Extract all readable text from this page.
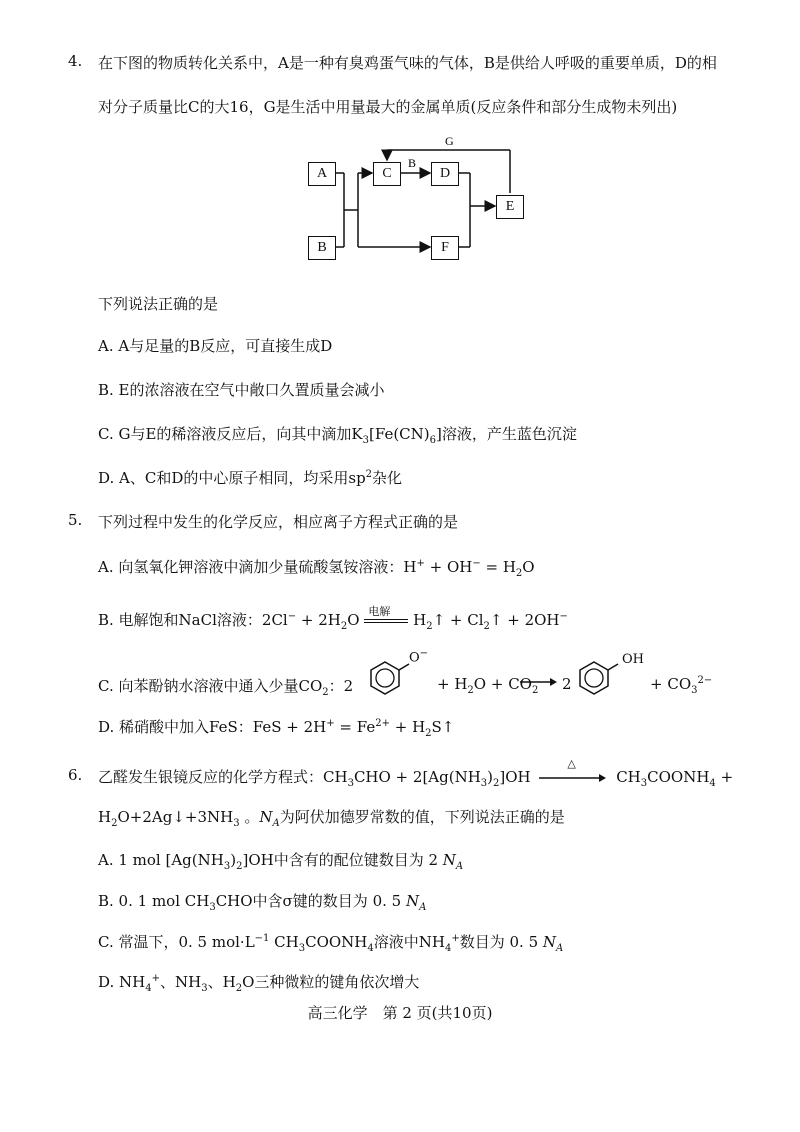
4. 在下图的物质转化关系中，A是一种有臭鸡蛋气味的气体，B是供给人呼吸的重要单质，D的相
对分子质量比C的大16，G是生活中用量最大的金属单质(反应条件和部分生成物未列出)
B
G
A
B
C	D
E
F
下列说法正确的是
A. A与足量的B反应，可直接生成D
B. E的浓溶液在空气中敞口久置质量会减小
C. G与E的稀溶液反应后，向其中滴加$K_3[Fe(CN)_6]$溶液，产生蓝色沉淀
D. A、C和D的中心原子相同，均采用$sp^2$杂化
5. 下列过程中发生的化学反应，相应离子方程式正确的是
A. 向氢氧化钾溶液中滴加少量硫酸氢铵溶液：$H^+ + OH^- = H_2O$
B. 电解饱和NaCl溶液：$2Cl^- + 2H_2O$ 电解 $H_2↑$ + $Cl_2↑ + 2OH^-$
C. 向苯酚钠水溶液中通入少量$CO_2$：2
O−
+ $H_2O + CO_2 \to 2$
OH
+ $CO_3^{2-}$
D. 稀硝酸中加入FeS：FeS + $2H^+ = Fe^{2+}$ + $H_2S↑$
6. 乙醛发生银镜反应的化学方程式：$CH_3CHO + 2[Ag(NH_3)_2]OH$
△
$CH_3COONH_4$ +
$H_2O+2Ag↓+3NH_3$ 。$N_A$为阿伏加德罗常数的值，下列说法正确的是
A. 1 mol $[Ag(NH_3)_2]OH$中含有的配位键数目为 2 $N_A$
B. 0. 1 mol $CH_3CHO$中含σ键的数目为 0. 5 $N_A$
C. 常温下，0. 5 $mol\cdot L^{-1}$ $CH_3COONH_4$溶液中$NH_4^+$数目为 0. 5 $N_A$
D. $NH_4^+$、$NH_3$、$H_2O$三种微粒的键角依次增大
高三化学　第 2 页(共10页)
